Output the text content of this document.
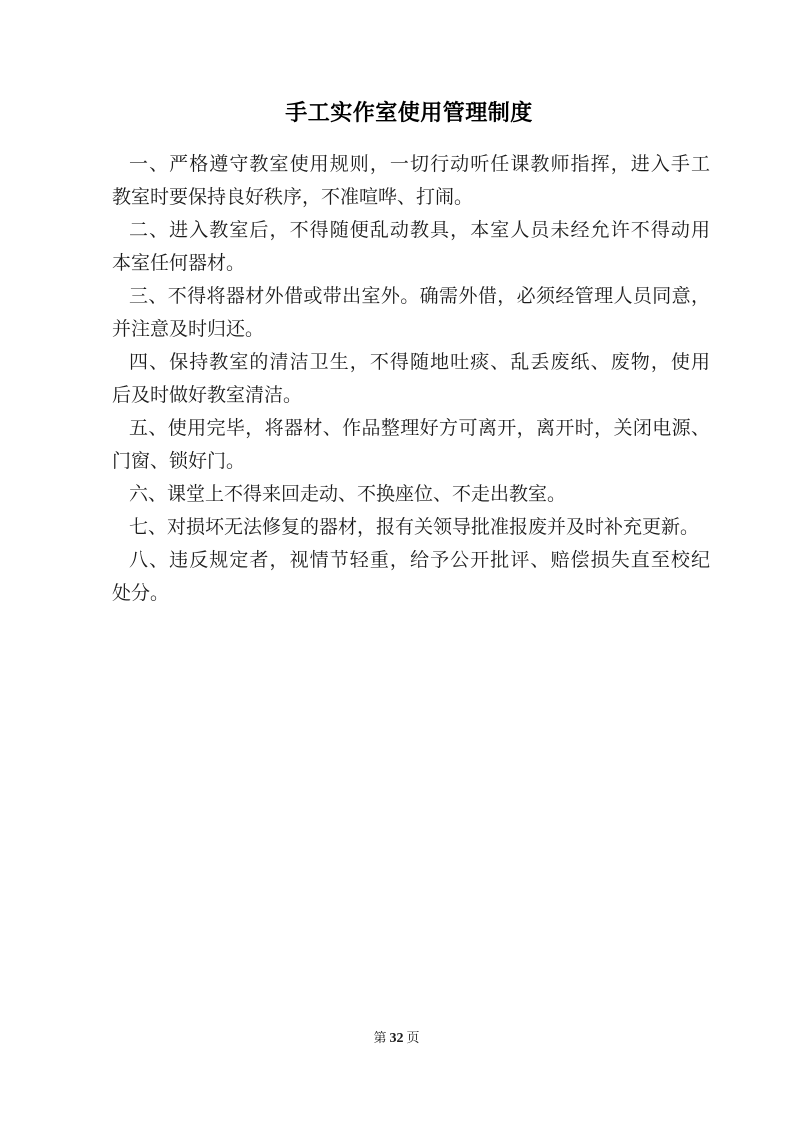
手工实作室使用管理制度

一、严格遵守教室使用规则，一切行动听任课教师指挥，进入手工

教室时要保持良好秩序，不准喧哗、打闹。

二、进入教室后，不得随便乱动教具，本室人员未经允许不得动用

本室任何器材。

三、不得将器材外借或带出室外。确需外借，必须经管理人员同意，

并注意及时归还。

四、保持教室的清洁卫生，不得随地吐痰、乱丢废纸、废物，使用

后及时做好教室清洁。

五、使用完毕，将器材、作品整理好方可离开，离开时，关闭电源、

门窗、锁好门。

六、课堂上不得来回走动、不换座位、不走出教室。

七、对损坏无法修复的器材，报有关领导批准报废并及时补充更新。

八、违反规定者，视情节轻重，给予公开批评、赔偿损失直至校纪

处分。

第 32 页
